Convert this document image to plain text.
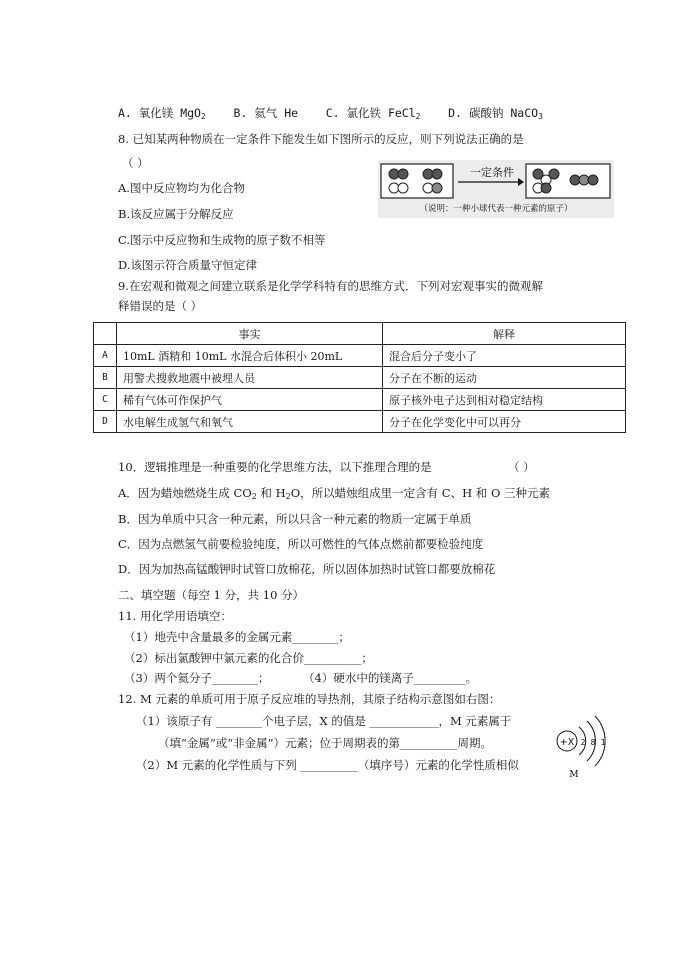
A. 氧化镁 MgO$_2$ B. 氦气 He C. 氯化铁 FeCl$_2$ D. 碳酸钠 NaCO$_3$
8. 已知某两种物质在一定条件下能发生如下图所示的反应，则下列说法正确的是
（ ）
A.图中反应物均为化合物
B.该反应属于分解反应
C.图示中反应物和生成物的原子数不相等
D.该图示符合质量守恒定律
一定条件
（说明：一种小球代表一种元素的原子）
9.在宏观和微观之间建立联系是化学学科特有的思维方式．下列对宏观事实的微观解
释错误的是（ ）
	事实	解释
A	10mL 酒精和 10mL 水混合后体积小 20mL	混合后分子变小了
B	用警犬搜救地震中被埋人员	分子在不断的运动
C	稀有气体可作保护气	原子核外电子达到相对稳定结构
D	水电解生成氢气和氧气	分子在化学变化中可以再分
10．逻辑推理是一种重要的化学思维方法，以下推理合理的是	（ ）
A．因为蜡烛燃烧生成 $CO_2$ 和 $H_2O$，所以蜡烛组成里一定含有 C、H 和 O 三种元素
B．因为单质中只含一种元素，所以只含一种元素的物质一定属于单质
C．因为点燃氢气前要检验纯度，所以可燃性的气体点燃前都要检验纯度
D．因为加热高锰酸钾时试管口放棉花，所以固体加热时试管口都要放棉花
二、填空题（每空 1 分，共 10 分）
11. 用化学用语填空：
（1）地壳中含量最多的金属元素________；
（2）标出氯酸钾中氯元素的化合价__________；
（3）两个氦分子________；	（4）硬水中的镁离子_________。
12. M 元素的单质可用于原子反应堆的导热剂，其原子结构示意图如右图：
（1）该原子有 ________个电子层，X 的值是 ____________，M 元素属于
（填“金属”或“非金属”）元素；位于周期表的第__________周期。
（2）M 元素的化学性质与下列 __________（填序号）元素的化学性质相似
+X 2 8 1
M
